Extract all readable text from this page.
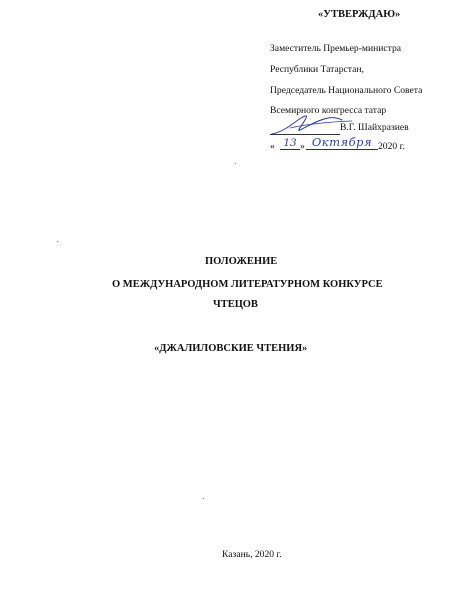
«УТВЕРЖДАЮ»
Заместитель Премьер-министра
Республики Татарстан,
Председатель Национального Совета
Всемирного конгресса татар
В.Г. Шайхразиев
« 13 » Октября 2020 г.
ПОЛОЖЕНИЕ
О МЕЖДУНАРОДНОМ ЛИТЕРАТУРНОМ КОНКУРСЕ
ЧТЕЦОВ
«ДЖАЛИЛОВСКИЕ ЧТЕНИЯ»
Казань, 2020 г.
